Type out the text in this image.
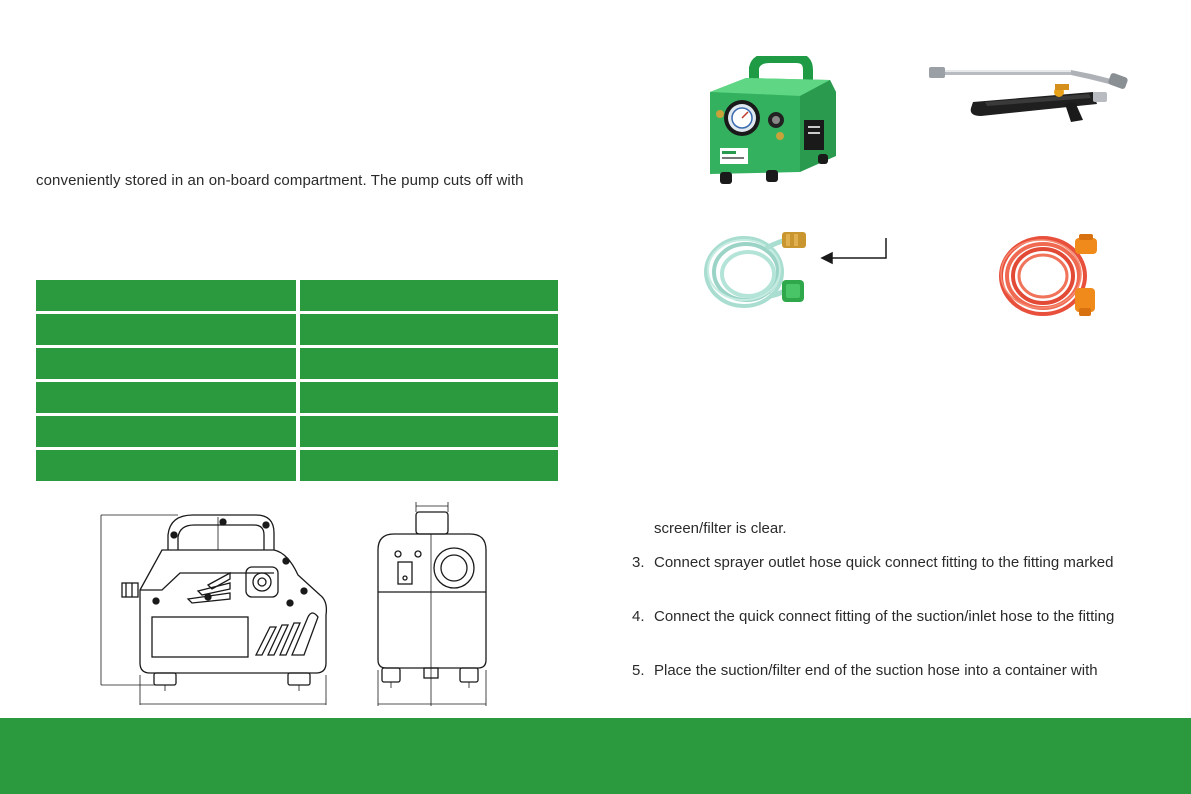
conveniently stored in an on-board compartment. The pump cuts off with
screen/filter is clear.
3. Connect sprayer outlet hose quick connect fitting to the fitting marked
4. Connect the quick connect fitting of the suction/inlet hose to the fitting
5. Place the suction/filter end of the suction hose into a container with
